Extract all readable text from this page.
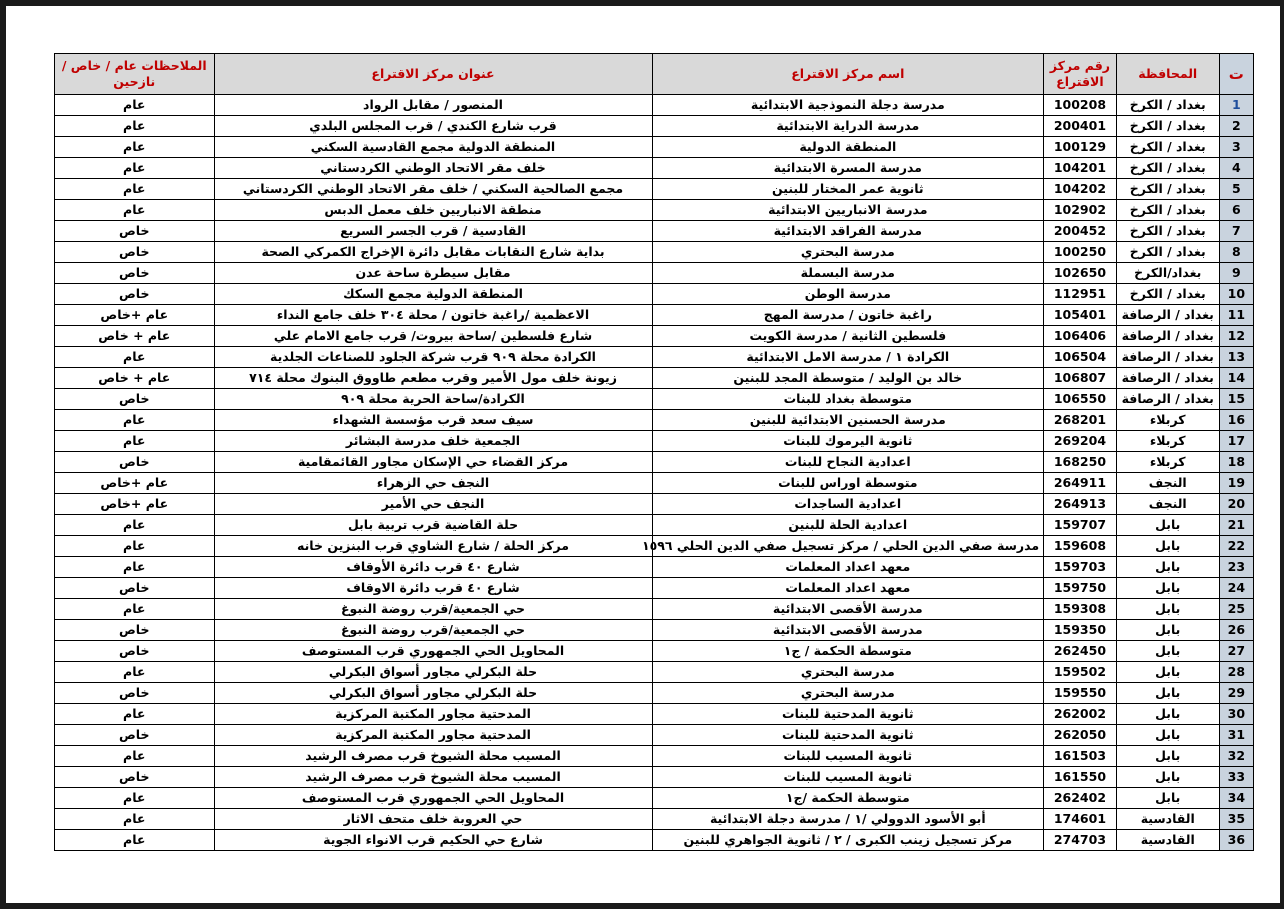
ت	المحافظة	رقم مركز الاقتراع	اسم مركز الاقتراع	عنوان مركز الاقتراع	الملاحظات عام / خاص / نازحين
1	بغداد / الكرخ	100208	مدرسة دجلة النموذجية الابتدائية	المنصور / مقابل الرواد	عام
2	بغداد / الكرخ	200401	مدرسة الدراية الابتدائية	قرب شارع الكندي / قرب المجلس البلدي	عام
3	بغداد / الكرخ	100129	المنطقة الدولية	المنطقة الدولية مجمع القادسية السكني	عام
4	بغداد / الكرخ	104201	مدرسة المسرة الابتدائية	خلف مقر الاتحاد الوطني الكردستاني	عام
5	بغداد / الكرخ	104202	ثانوية عمر المختار للبنين	مجمع الصالحية السكني / خلف مقر الاتحاد الوطني الكردستاني	عام
6	بغداد / الكرخ	102902	مدرسة الانباريين الابتدائية	منطقة الانباريين خلف معمل الدبس	عام
7	بغداد / الكرخ	200452	مدرسة الفراقد الابتدائية	القادسية / قرب الجسر السريع	خاص
8	بغداد / الكرخ	100250	مدرسة البحتري	بداية شارع النقابات مقابل دائرة الإخراج الكمركي الصحة	خاص
9	بغداد/الكرخ	102650	مدرسة البسملة	مقابل سيطرة ساحة عدن	خاص
10	بغداد / الكرخ	112951	مدرسة الوطن	المنطقة الدولية مجمع السكك	خاص
11	بغداد / الرصافة	105401	راغبة خاتون / مدرسة المهج	الاعظمية /راغبة خاتون / محلة ٣٠٤ خلف جامع النداء	عام +خاص
12	بغداد / الرصافة	106406	فلسطين الثانية / مدرسة الكويت	شارع فلسطين /ساحة بيروت/ قرب جامع الامام علي	عام + خاص
13	بغداد / الرصافة	106504	الكرادة ١ / مدرسة الامل الابتدائية	الكرادة محلة ٩٠٩ قرب شركة الجلود للصناعات الجلدية	عام
14	بغداد / الرصافة	106807	خالد بن الوليد / متوسطة المجد للبنين	زيونة خلف مول الأمير وقرب مطعم طاووق البنوك محلة ٧١٤	عام + خاص
15	بغداد / الرصافة	106550	متوسطة بغداد للبنات	الكرادة/ساحة الحرية محلة ٩٠٩	خاص
16	كربلاء	268201	مدرسة الحسنين الابتدائية للبنين	سيف سعد قرب مؤسسة الشهداء	عام
17	كربلاء	269204	ثانوية اليرموك للبنات	الجمعية خلف مدرسة البشائر	عام
18	كربلاء	168250	اعدادية النجاح للبنات	مركز القضاء حي الإسكان مجاور القائمقامية	خاص
19	النجف	264911	متوسطة اوراس للبنات	النجف حي الزهراء	عام +خاص
20	النجف	264913	اعدادية الساجدات	النجف حي الأمير	عام +خاص
21	بابل	159707	اعدادية الحلة للبنين	حلة القاضية قرب تربية بابل	عام
22	بابل	159608	مدرسة صفي الدين الحلي / مركز تسجيل صفي الدين الحلي ١٥٩٦	مركز الحلة / شارع الشاوي قرب البنزين خانه	عام
23	بابل	159703	معهد اعداد المعلمات	شارع ٤٠ قرب دائرة الأوقاف	عام
24	بابل	159750	معهد اعداد المعلمات	شارع ٤٠ قرب دائرة الاوقاف	خاص
25	بابل	159308	مدرسة الأقصى الابتدائية	حي الجمعية/قرب روضة النبوغ	عام
26	بابل	159350	مدرسة الأقصى الابتدائية	حي الجمعية/قرب روضة النبوغ	خاص
27	بابل	262450	متوسطة الحكمة / ج١	المحاويل الحي الجمهوري قرب المستوصف	خاص
28	بابل	159502	مدرسة البحتري	حلة البكرلي مجاور أسواق البكرلي	عام
29	بابل	159550	مدرسة البحتري	حلة البكرلي مجاور أسواق البكرلي	خاص
30	بابل	262002	ثانوية المدحتية للبنات	المدحتية مجاور المكتبة المركزية	عام
31	بابل	262050	ثانوية المدحتية للبنات	المدحتية مجاور المكتبة المركزية	خاص
32	بابل	161503	ثانوية المسيب للبنات	المسيب محلة الشيوخ قرب مصرف الرشيد	عام
33	بابل	161550	ثانوية المسيب للبنات	المسيب محلة الشيوخ قرب مصرف الرشيد	خاص
34	بابل	262402	متوسطة الحكمة /ج١	المحاويل الحي الجمهوري قرب المستوصف	عام
35	القادسية	174601	أبو الأسود الدوولي /١ / مدرسة دجلة الابتدائية	حي العروبة خلف متحف الاثار	عام
36	القادسية	274703	مركز تسجيل زينب الكبرى / ٢ / ثانوية الجواهري للبنين	شارع حي الحكيم قرب الانواء الجوية	عام
